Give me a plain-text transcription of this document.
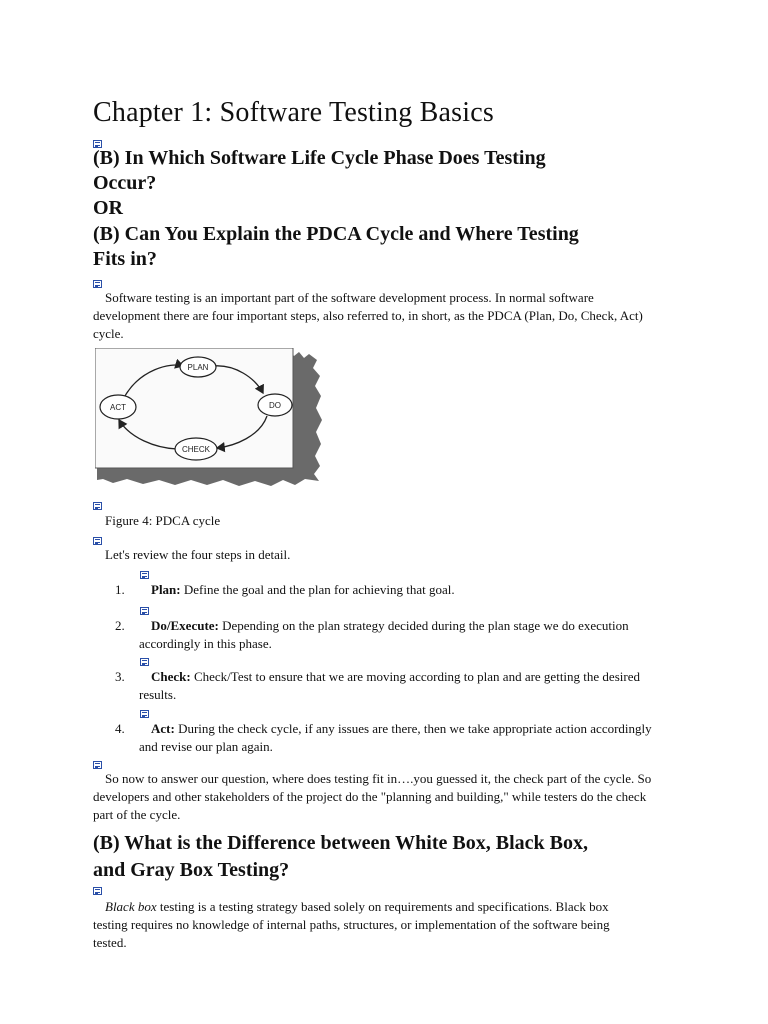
Chapter 1: Software Testing Basics
(B) In Which Software Life Cycle Phase Does Testing
Occur?
OR
(B) Can You Explain the PDCA Cycle and Where Testing
Fits in?
Software testing is an important part of the software development process. In normal software development there are four important steps, also referred to, in short, as the PDCA (Plan, Do, Check, Act) cycle.
PLAN
DO
CHECK
ACT
Figure 4: PDCA cycle
Let's review the four steps in detail.
1.	Plan: Define the goal and the plan for achieving that goal.
2.	Do/Execute: Depending on the plan strategy decided during the plan stage we do execution accordingly in this phase.
3.	Check: Check/Test to ensure that we are moving according to plan and are getting the desired results.
4.	Act: During the check cycle, if any issues are there, then we take appropriate action accordingly and revise our plan again.
So now to answer our question, where does testing fit in….you guessed it, the check part of the cycle. So developers and other stakeholders of the project do the "planning and building," while testers do the check part of the cycle.
(B) What is the Difference between White Box, Black Box,
and Gray Box Testing?
Black box testing is a testing strategy based solely on requirements and specifications. Black box testing requires no knowledge of internal paths, structures, or implementation of the software being tested.
